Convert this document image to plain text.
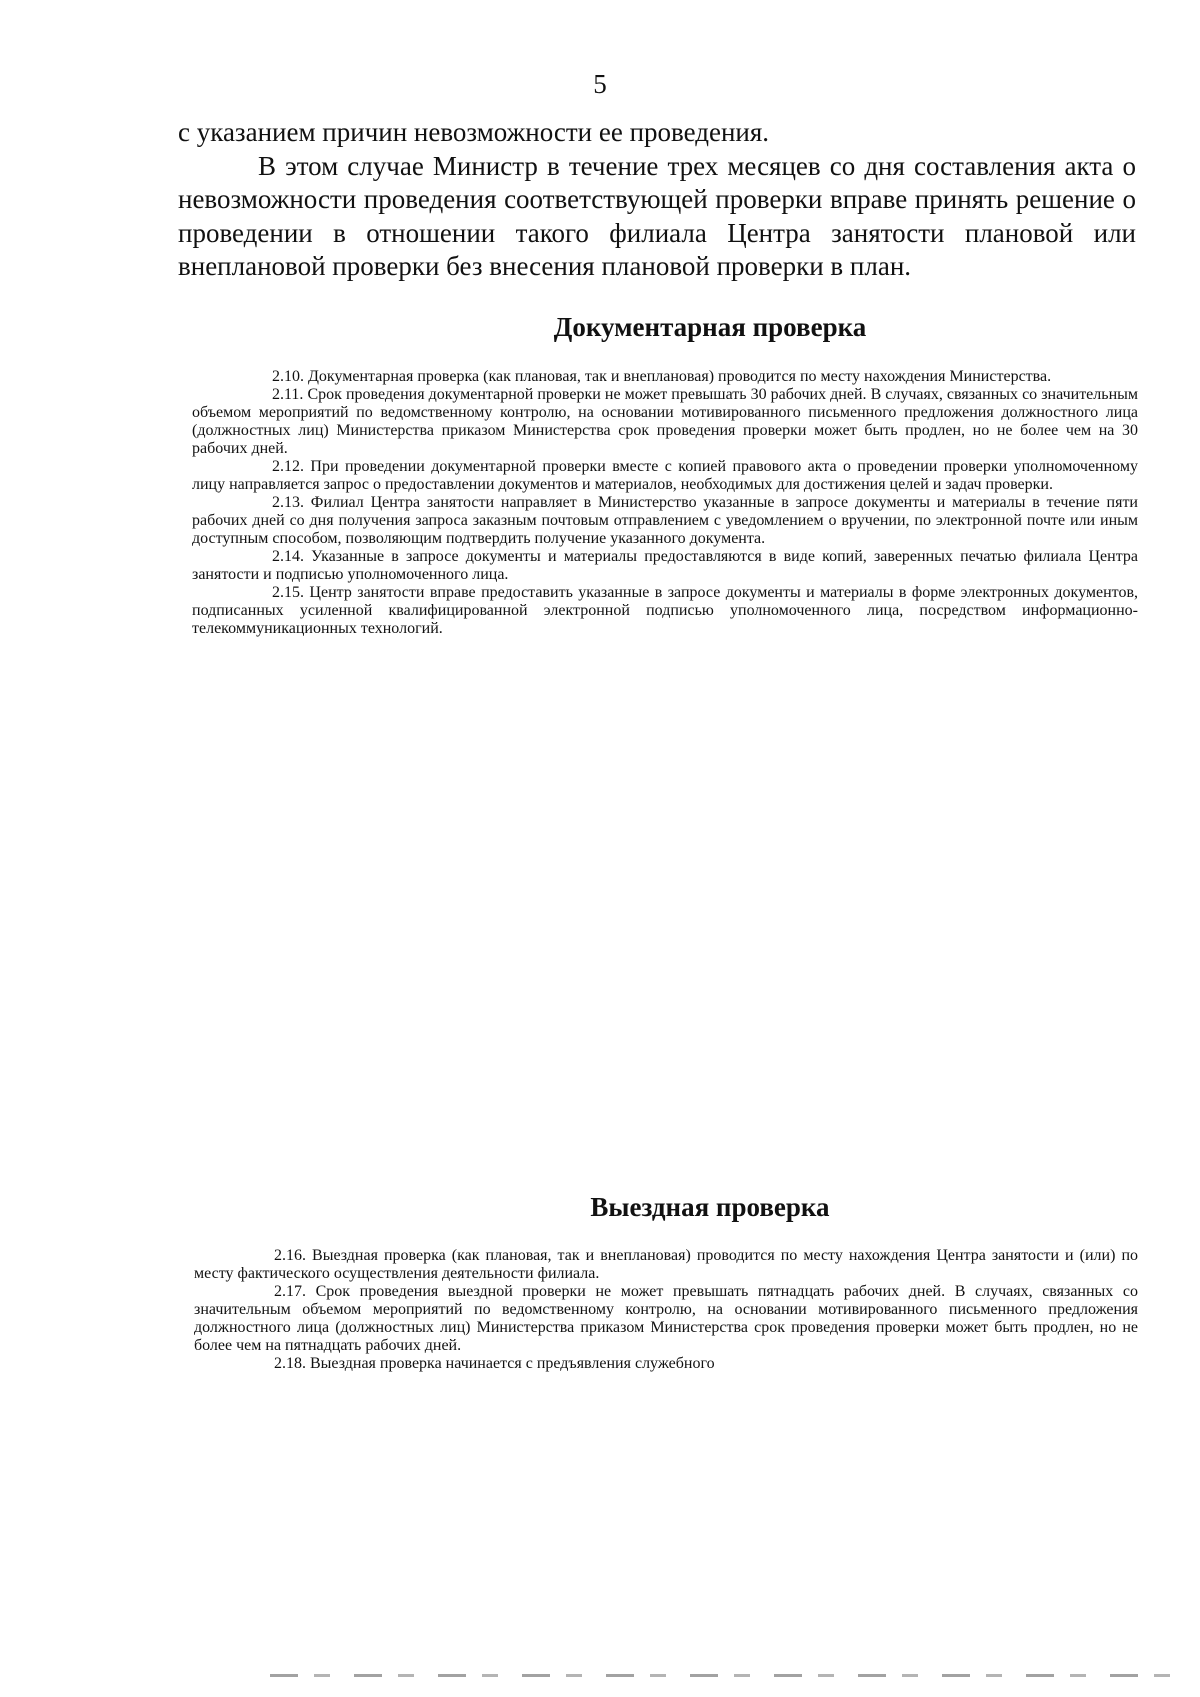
5

с указанием причин невозможности ее проведения.

В этом случае Министр в течение трех месяцев со дня составления акта о невозможности проведения соответствующей проверки вправе принять решение о проведении в отношении такого филиала Центра занятости плановой или внеплановой проверки без внесения плановой проверки в план.

Документарная проверка

2.10. Документарная проверка (как плановая, так и внеплановая) проводится по месту нахождения Министерства.

2.11. Срок проведения документарной проверки не может превышать 30 рабочих дней. В случаях, связанных со значительным объемом мероприятий по ведомственному контролю, на основании мотивированного письменного предложения должностного лица (должностных лиц) Министерства приказом Министерства срок проведения проверки может быть продлен, но не более чем на 30 рабочих дней.

2.12. При проведении документарной проверки вместе с копией правового акта о проведении проверки уполномоченному лицу направляется запрос о предоставлении документов и материалов, необходимых для достижения целей и задач проверки.

2.13. Филиал Центра занятости направляет в Министерство указанные в запросе документы и материалы в течение пяти рабочих дней со дня получения запроса заказным почтовым отправлением с уведомлением о вручении, по электронной почте или иным доступным способом, позволяющим подтвердить получение указанного документа.

2.14. Указанные в запросе документы и материалы предоставляются в виде копий, заверенных печатью филиала Центра занятости и подписью уполномоченного лица.

2.15. Центр занятости вправе предоставить указанные в запросе документы и материалы в форме электронных документов, подписанных усиленной квалифицированной электронной подписью уполномоченного лица, посредством информационно-телекоммуникационных технологий.

Выездная проверка

2.16. Выездная проверка (как плановая, так и внеплановая) проводится по месту нахождения Центра занятости и (или) по месту фактического осуществления деятельности филиала.

2.17. Срок проведения выездной проверки не может превышать пятнадцать рабочих дней. В случаях, связанных со значительным объемом мероприятий по ведомственному контролю, на основании мотивированного письменного предложения должностного лица (должностных лиц) Министерства приказом Министерства срок проведения проверки может быть продлен, но не более чем на пятнадцать рабочих дней.

2.18. Выездная проверка начинается с предъявления служебного
